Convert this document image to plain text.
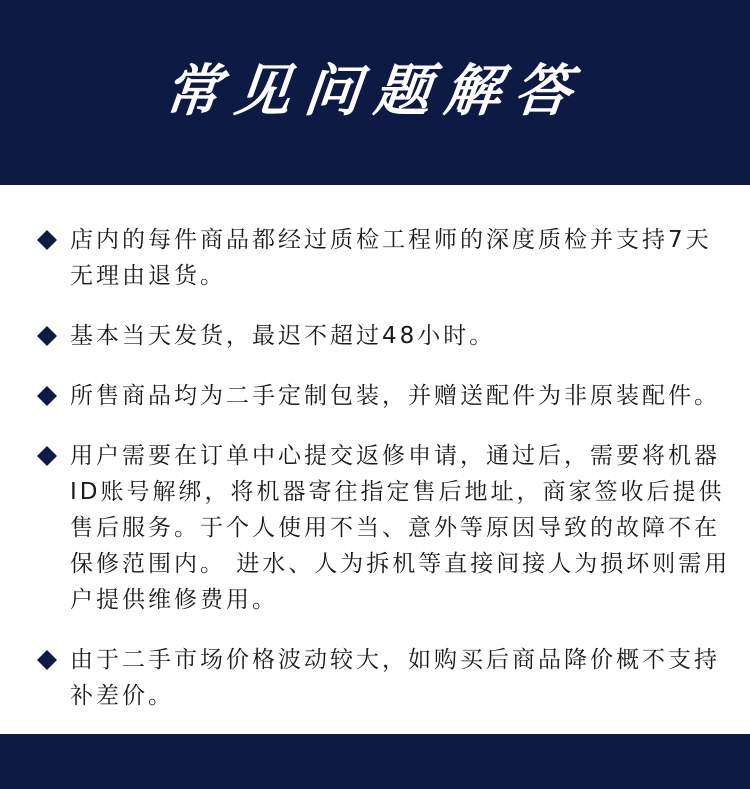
常见问题解答
店内的每件商品都经过质检工程师的深度质检并支持7天无理由退货。
基本当天发货，最迟不超过48小时。
所售商品均为二手定制包装，并赠送配件为非原装配件。
用户需要在订单中心提交返修申请，通过后，需要将机器ID账号解绑，将机器寄往指定售后地址，商家签收后提供售后服务。于个人使用不当、意外等原因导致的故障不在保修范围内。 进水、人为拆机等直接间接人为损坏则需用户提供维修费用。
由于二手市场价格波动较大，如购买后商品降价概不支持补差价。
